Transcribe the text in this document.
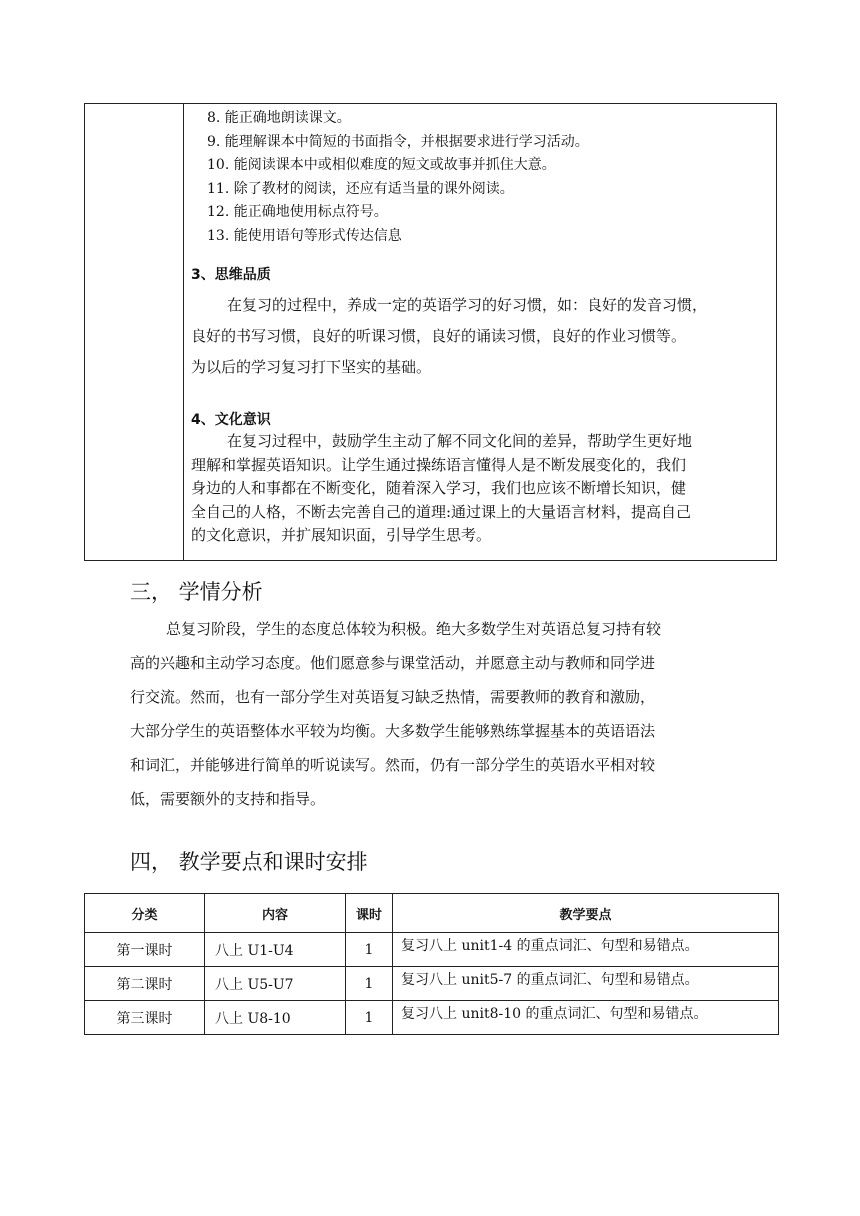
8. 能正确地朗读课文。
9. 能理解课本中简短的书面指令，并根据要求进行学习活动。
10. 能阅读课本中或相似难度的短文或故事并抓住大意。
11. 除了教材的阅读，还应有适当量的课外阅读。
12. 能正确地使用标点符号。
13. 能使用语句等形式传达信息
3、思维品质
在复习的过程中，养成一定的英语学习的好习惯，如：良好的发音习惯，
良好的书写习惯，良好的听课习惯，良好的诵读习惯，良好的作业习惯等。
为以后的学习复习打下坚实的基础。
4、文化意识
在复习过程中，鼓励学生主动了解不同文化间的差异，帮助学生更好地
理解和掌握英语知识。让学生通过操练语言懂得人是不断发展变化的，我们
身边的人和事都在不断变化，随着深入学习，我们也应该不断增长知识，健
全自己的人格，不断去完善自己的道理:通过课上的大量语言材料，提高自己
的文化意识，并扩展知识面，引导学生思考。
三， 学情分析
总复习阶段，学生的态度总体较为积极。绝大多数学生对英语总复习持有较
高的兴趣和主动学习态度。他们愿意参与课堂活动，并愿意主动与教师和同学进
行交流。然而，也有一部分学生对英语复习缺乏热情，需要教师的教育和激励，
大部分学生的英语整体水平较为均衡。大多数学生能够熟练掌握基本的英语语法
和词汇，并能够进行简单的听说读写。然而，仍有一部分学生的英语水平相对较
低，需要额外的支持和指导。
四， 教学要点和课时安排
分类	内容	课时	教学要点
第一课时	八上 U1-U4	1	复习八上 unit1-4 的重点词汇、句型和易错点。
第二课时	八上 U5-U7	1	复习八上 unit5-7 的重点词汇、句型和易错点。
第三课时	八上 U8-10	1	复习八上 unit8-10 的重点词汇、句型和易错点。
